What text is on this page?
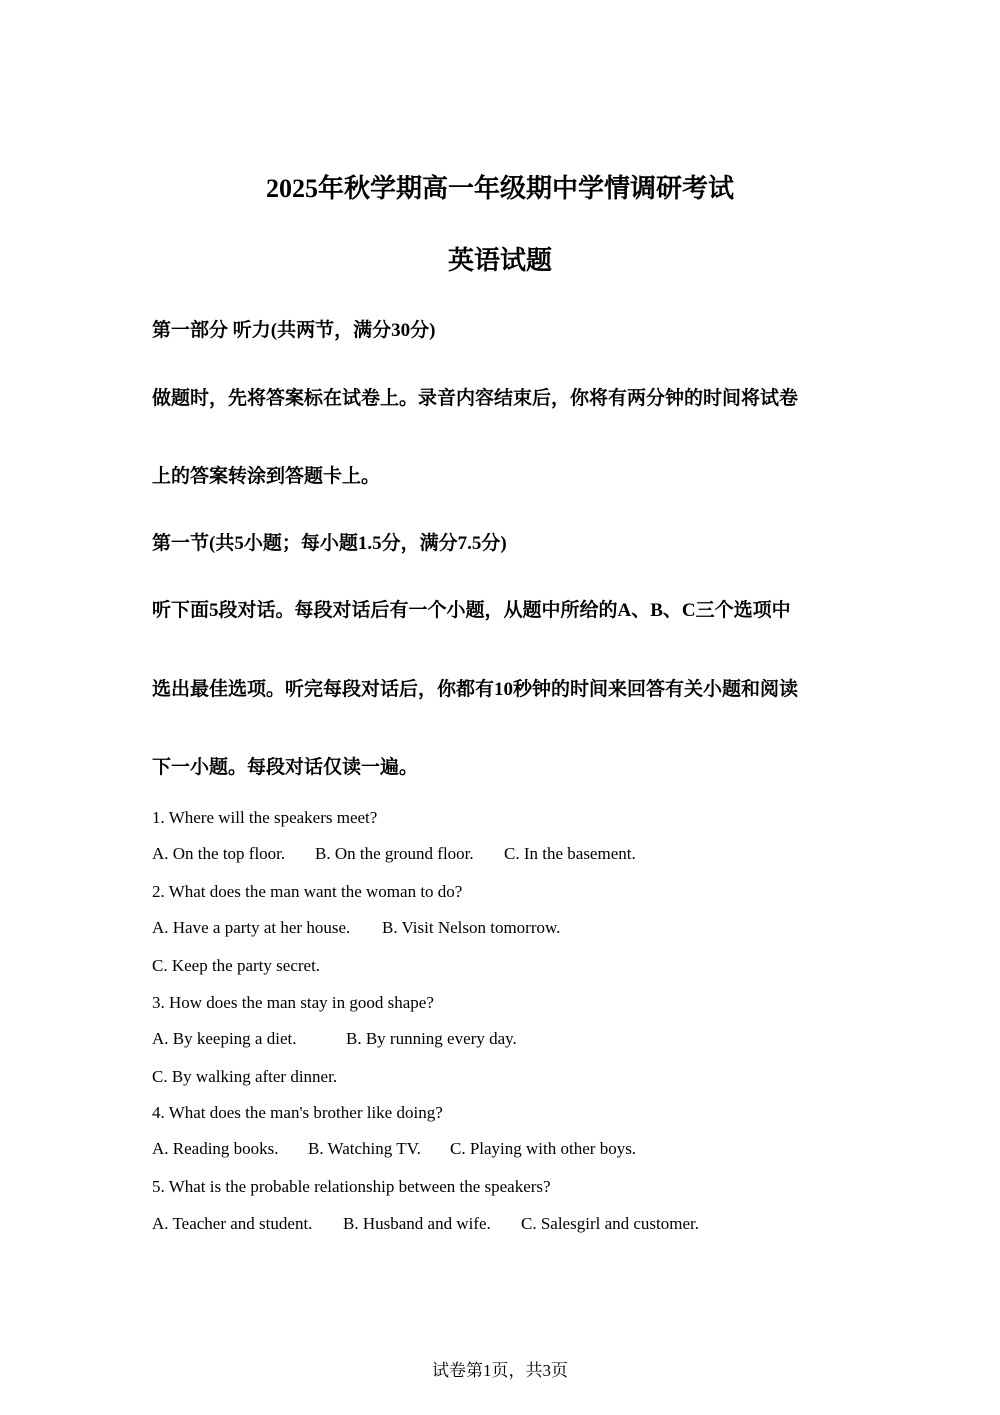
2025年秋学期高一年级期中学情调研考试
英语试题
第一部分 听力(共两节，满分30分)
做题时，先将答案标在试卷上。录音内容结束后，你将有两分钟的时间将试卷
上的答案转涂到答题卡上。
第一节(共5小题；每小题1.5分，满分7.5分)
听下面5段对话。每段对话后有一个小题，从题中所给的A、B、C三个选项中
选出最佳选项。听完每段对话后，你都有10秒钟的时间来回答有关小题和阅读
下一小题。每段对话仅读一遍。
1. Where will the speakers meet?
A. On the top floor. B. On the ground floor. C. In the basement.
2. What does the man want the woman to do?
A. Have a party at her house. B. Visit Nelson tomorrow.
C. Keep the party secret.
3. How does the man stay in good shape?
A. By keeping a diet.	B. By running every day.
C. By walking after dinner.
4. What does the man's brother like doing?
A. Reading books. B. Watching TV. C. Playing with other boys.
5. What is the probable relationship between the speakers?
A. Teacher and student. B. Husband and wife. C. Salesgirl and customer.
试卷第1页，共3页
